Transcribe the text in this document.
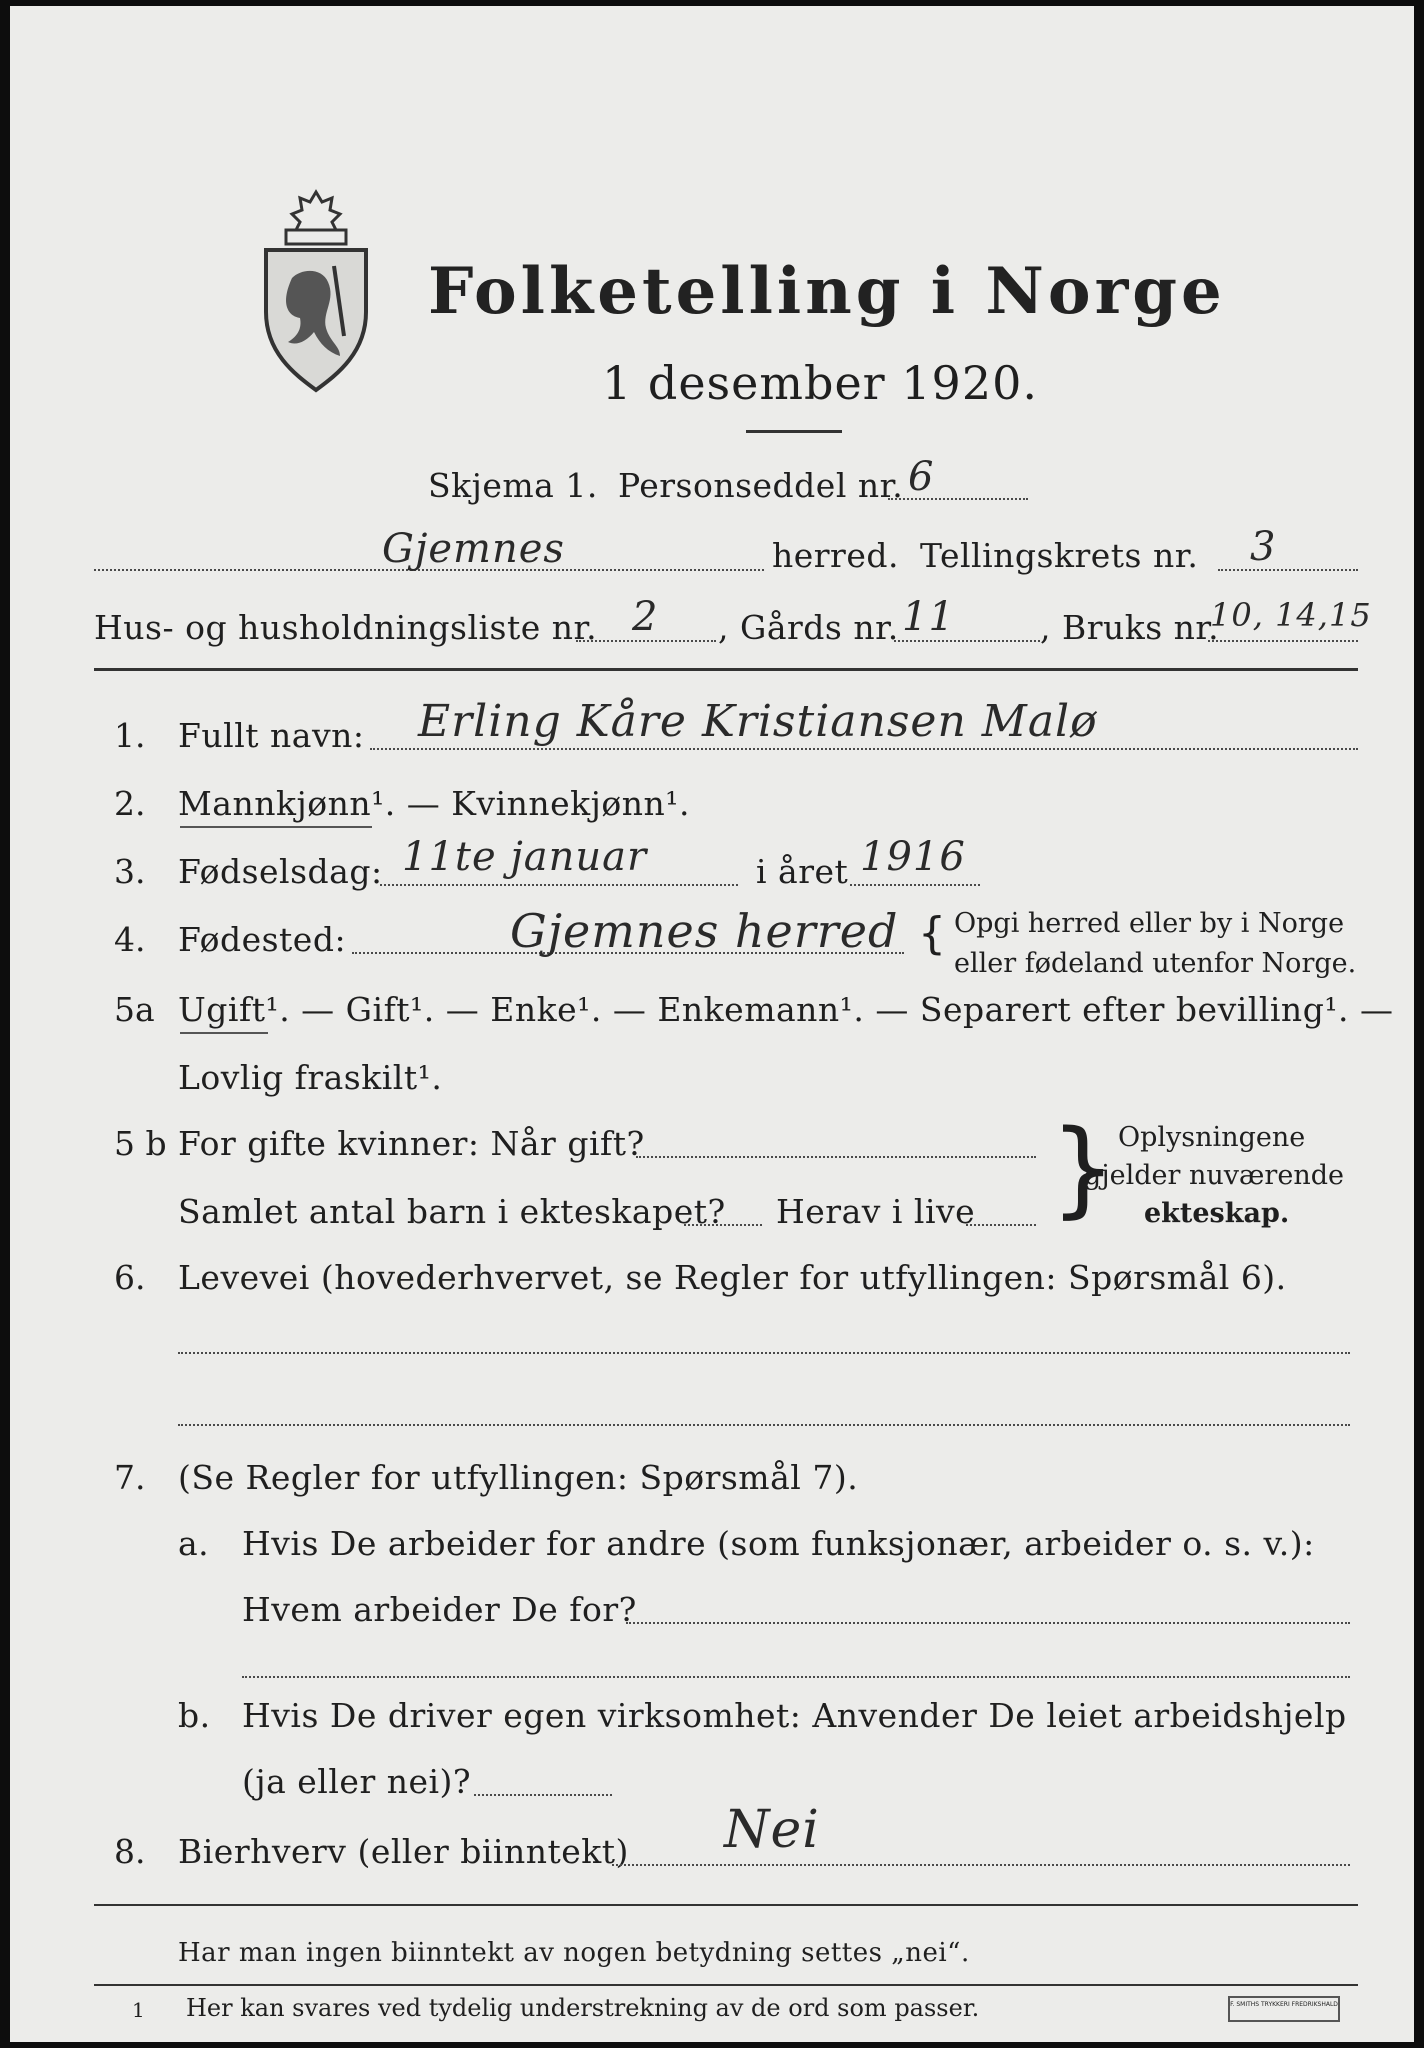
Folketelling i Norge
1 desember 1920.
Skjema 1. Personseddel nr. 6
Gjemnes	herred. Tellingskrets nr. 3
Hus- og husholdningsliste nr. 2 , Gårds nr. 11	, Bruks nr.
10, 14,15
1. Fullt navn: Erling Kåre Kristiansen Malø
2. Mannkjønn¹. — Kvinnekjønn¹.
3. Fødselsdag: 11te januar	i året 1916
4. Fødested:	Gjemnes herred { Opgi herred eller by i Norge
eller fødeland utenfor Norge.
5a Ugift¹. — Gift¹. — Enke¹. — Enkemann¹. — Separert efter bevilling¹. —
Lovlig fraskilt¹.
5 b For gifte kvinner: Når gift?
Samlet antal barn i ekteskapet? Herav i live } Oplysningene
gjelder nuværende
ekteskap.
6. Levevei (hovederhvervet, se Regler for utfyllingen: Spørsmål 6).
7. (Se Regler for utfyllingen: Spørsmål 7).
a. Hvis De arbeider for andre (som funksjonær, arbeider o. s. v.):
Hvem arbeider De for?
b. Hvis De driver egen virksomhet: Anvender De leiet arbeidshjelp
(ja eller nei)?
8. Bierhverv (eller biinntekt) Nei
Har man ingen biinntekt av nogen betydning settes „nei“.
1 Her kan svares ved tydelig understrekning av de ord som passer.	F. SMITHS TRYKKERI FREDRIKSHALD
